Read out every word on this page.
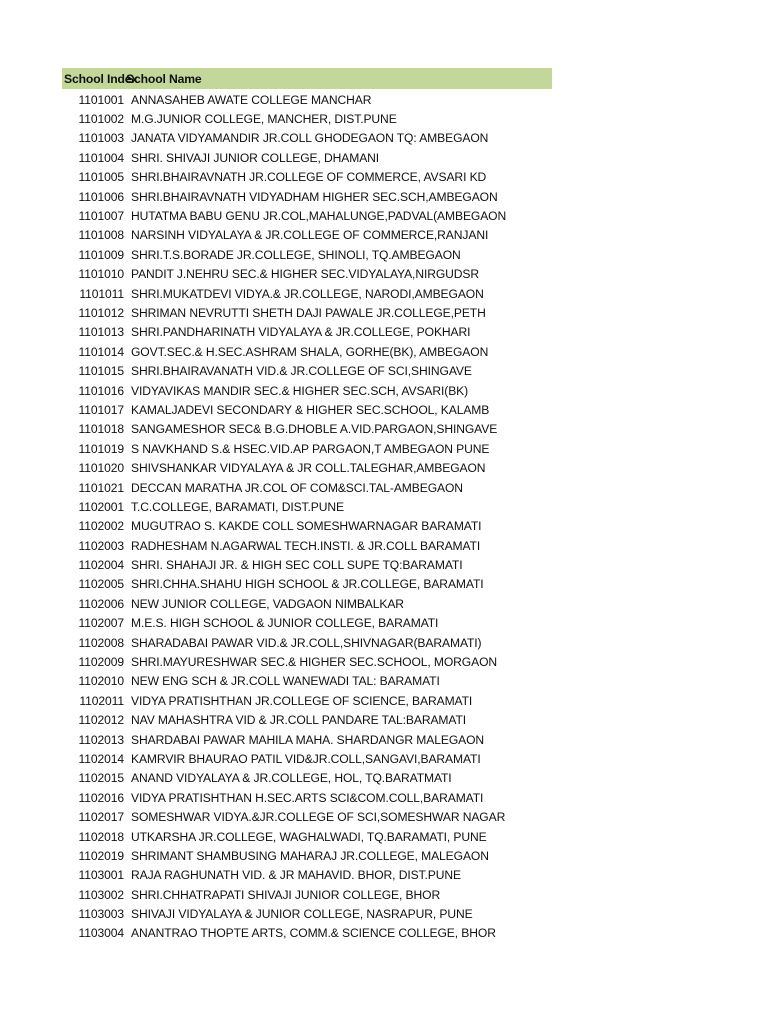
School Index
School Name
1101001 ANNASAHEB AWATE COLLEGE MANCHAR
1101002 M.G.JUNIOR COLLEGE, MANCHER, DIST.PUNE
1101003 JANATA VIDYAMANDIR JR.COLL GHODEGAON TQ: AMBEGAON
1101004 SHRI. SHIVAJI JUNIOR COLLEGE, DHAMANI
1101005 SHRI.BHAIRAVNATH JR.COLLEGE OF COMMERCE, AVSARI KD
1101006 SHRI.BHAIRAVNATH VIDYADHAM HIGHER SEC.SCH,AMBEGAON
1101007 HUTATMA BABU GENU JR.COL,MAHALUNGE,PADVAL(AMBEGAON
1101008 NARSINH VIDYALAYA & JR.COLLEGE OF COMMERCE,RANJANI
1101009 SHRI.T.S.BORADE JR.COLLEGE, SHINOLI, TQ.AMBEGAON
1101010 PANDIT J.NEHRU SEC.& HIGHER SEC.VIDYALAYA,NIRGUDSR
1101011 SHRI.MUKATDEVI VIDYA.& JR.COLLEGE, NARODI,AMBEGAON
1101012 SHRIMAN NEVRUTTI SHETH DAJI PAWALE JR.COLLEGE,PETH
1101013 SHRI.PANDHARINATH VIDYALAYA & JR.COLLEGE, POKHARI
1101014 GOVT.SEC.& H.SEC.ASHRAM SHALA, GORHE(BK), AMBEGAON
1101015 SHRI.BHAIRAVANATH VID.& JR.COLLEGE OF SCI,SHINGAVE
1101016 VIDYAVIKAS MANDIR SEC.& HIGHER SEC.SCH, AVSARI(BK)
1101017 KAMALJADEVI SECONDARY & HIGHER SEC.SCHOOL, KALAMB
1101018 SANGAMESHOR SEC& B.G.DHOBLE A.VID.PARGAON,SHINGAVE
1101019 S NAVKHAND S.& HSEC.VID.AP PARGAON,T AMBEGAON PUNE
1101020 SHIVSHANKAR VIDYALAYA & JR COLL.TALEGHAR,AMBEGAON
1101021 DECCAN MARATHA JR.COL OF COM&SCI.TAL-AMBEGAON
1102001 T.C.COLLEGE, BARAMATI, DIST.PUNE
1102002 MUGUTRAO S. KAKDE COLL SOMESHWARNAGAR BARAMATI
1102003 RADHESHAM N.AGARWAL TECH.INSTI. & JR.COLL BARAMATI
1102004 SHRI. SHAHAJI JR. & HIGH SEC COLL SUPE TQ:BARAMATI
1102005 SHRI.CHHA.SHAHU HIGH SCHOOL & JR.COLLEGE, BARAMATI
1102006 NEW JUNIOR COLLEGE, VADGAON NIMBALKAR
1102007 M.E.S. HIGH SCHOOL & JUNIOR COLLEGE, BARAMATI
1102008 SHARADABAI PAWAR VID.& JR.COLL,SHIVNAGAR(BARAMATI)
1102009 SHRI.MAYURESHWAR SEC.& HIGHER SEC.SCHOOL, MORGAON
1102010 NEW ENG SCH & JR.COLL WANEWADI TAL: BARAMATI
1102011 VIDYA PRATISHTHAN JR.COLLEGE OF SCIENCE, BARAMATI
1102012 NAV MAHASHTRA VID & JR.COLL PANDARE TAL:BARAMATI
1102013 SHARDABAI PAWAR MAHILA MAHA. SHARDANGR MALEGAON
1102014 KAMRVIR BHAURAO PATIL VID&JR.COLL,SANGAVI,BARAMATI
1102015 ANAND VIDYALAYA & JR.COLLEGE, HOL, TQ.BARATMATI
1102016 VIDYA PRATISHTHAN H.SEC.ARTS SCI&COM.COLL,BARAMATI
1102017 SOMESHWAR VIDYA.&JR.COLLEGE OF SCI,SOMESHWAR NAGAR
1102018 UTKARSHA JR.COLLEGE, WAGHALWADI, TQ.BARAMATI, PUNE
1102019 SHRIMANT SHAMBUSING MAHARAJ JR.COLLEGE, MALEGAON
1103001 RAJA RAGHUNATH VID. & JR MAHAVID. BHOR, DIST.PUNE
1103002 SHRI.CHHATRAPATI SHIVAJI JUNIOR COLLEGE, BHOR
1103003 SHIVAJI VIDYALAYA & JUNIOR COLLEGE, NASRAPUR, PUNE
1103004 ANANTRAO THOPTE ARTS, COMM.& SCIENCE COLLEGE, BHOR
